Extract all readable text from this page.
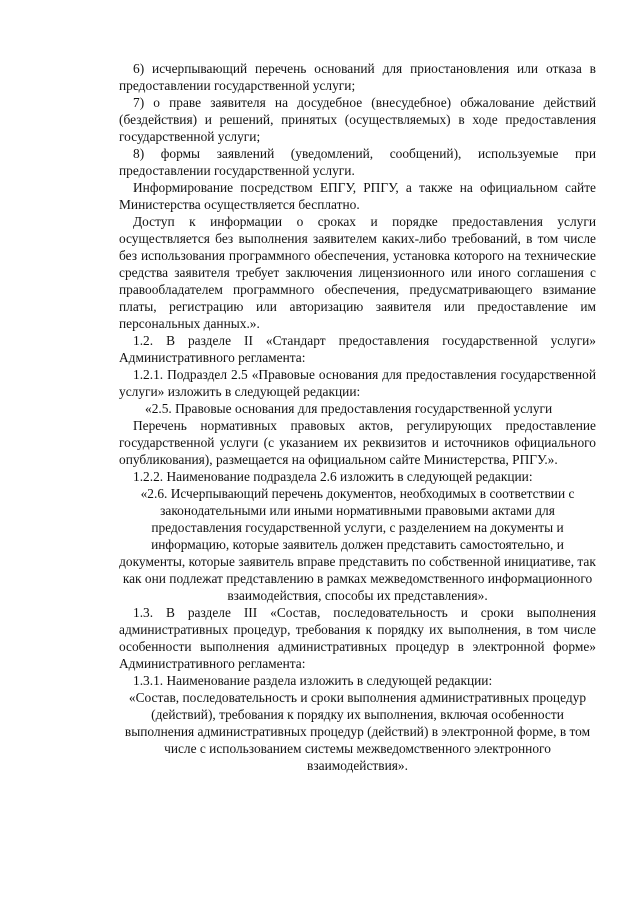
6) исчерпывающий перечень оснований для приостановления или отказа в предоставлении государственной услуги;

7) о праве заявителя на досудебное (внесудебное) обжалование действий (бездействия) и решений, принятых (осуществляемых) в ходе предоставления государственной услуги;

8) формы заявлений (уведомлений, сообщений), используемые при предоставлении государственной услуги.

Информирование посредством ЕПГУ, РПГУ, а также на официальном сайте Министерства осуществляется бесплатно.

Доступ к информации о сроках и порядке предоставления услуги осуществляется без выполнения заявителем каких-либо требований, в том числе без использования программного обеспечения, установка которого на технические средства заявителя требует заключения лицензионного или иного соглашения с правообладателем программного обеспечения, предусматривающего взимание платы, регистрацию или авторизацию заявителя или предоставление им персональных данных.».

1.2. В разделе II «Стандарт предоставления государственной услуги» Административного регламента:

1.2.1. Подраздел 2.5 «Правовые основания для предоставления государственной услуги» изложить в следующей редакции:

«2.5. Правовые основания для предоставления государственной услуги

Перечень нормативных правовых актов, регулирующих предоставление государственной услуги (с указанием их реквизитов и источников официального опубликования), размещается на официальном сайте Министерства, РПГУ.».

1.2.2. Наименование подраздела 2.6 изложить в следующей редакции:

«2.6. Исчерпывающий перечень документов, необходимых в соответствии с законодательными или иными нормативными правовыми актами для предоставления государственной услуги, с разделением на документы и информацию, которые заявитель должен представить самостоятельно, и документы, которые заявитель вправе представить по собственной инициативе, так как они подлежат представлению в рамках межведомственного информационного взаимодействия, способы их представления».

1.3. В разделе III «Состав, последовательность и сроки выполнения административных процедур, требования к порядку их выполнения, в том числе особенности выполнения административных процедур в электронной форме» Административного регламента:

1.3.1. Наименование раздела изложить в следующей редакции:

«Состав, последовательность и сроки выполнения административных процедур (действий), требования к порядку их выполнения, включая особенности выполнения административных процедур (действий) в электронной форме, в том числе с использованием системы межведомственного электронного взаимодействия».
